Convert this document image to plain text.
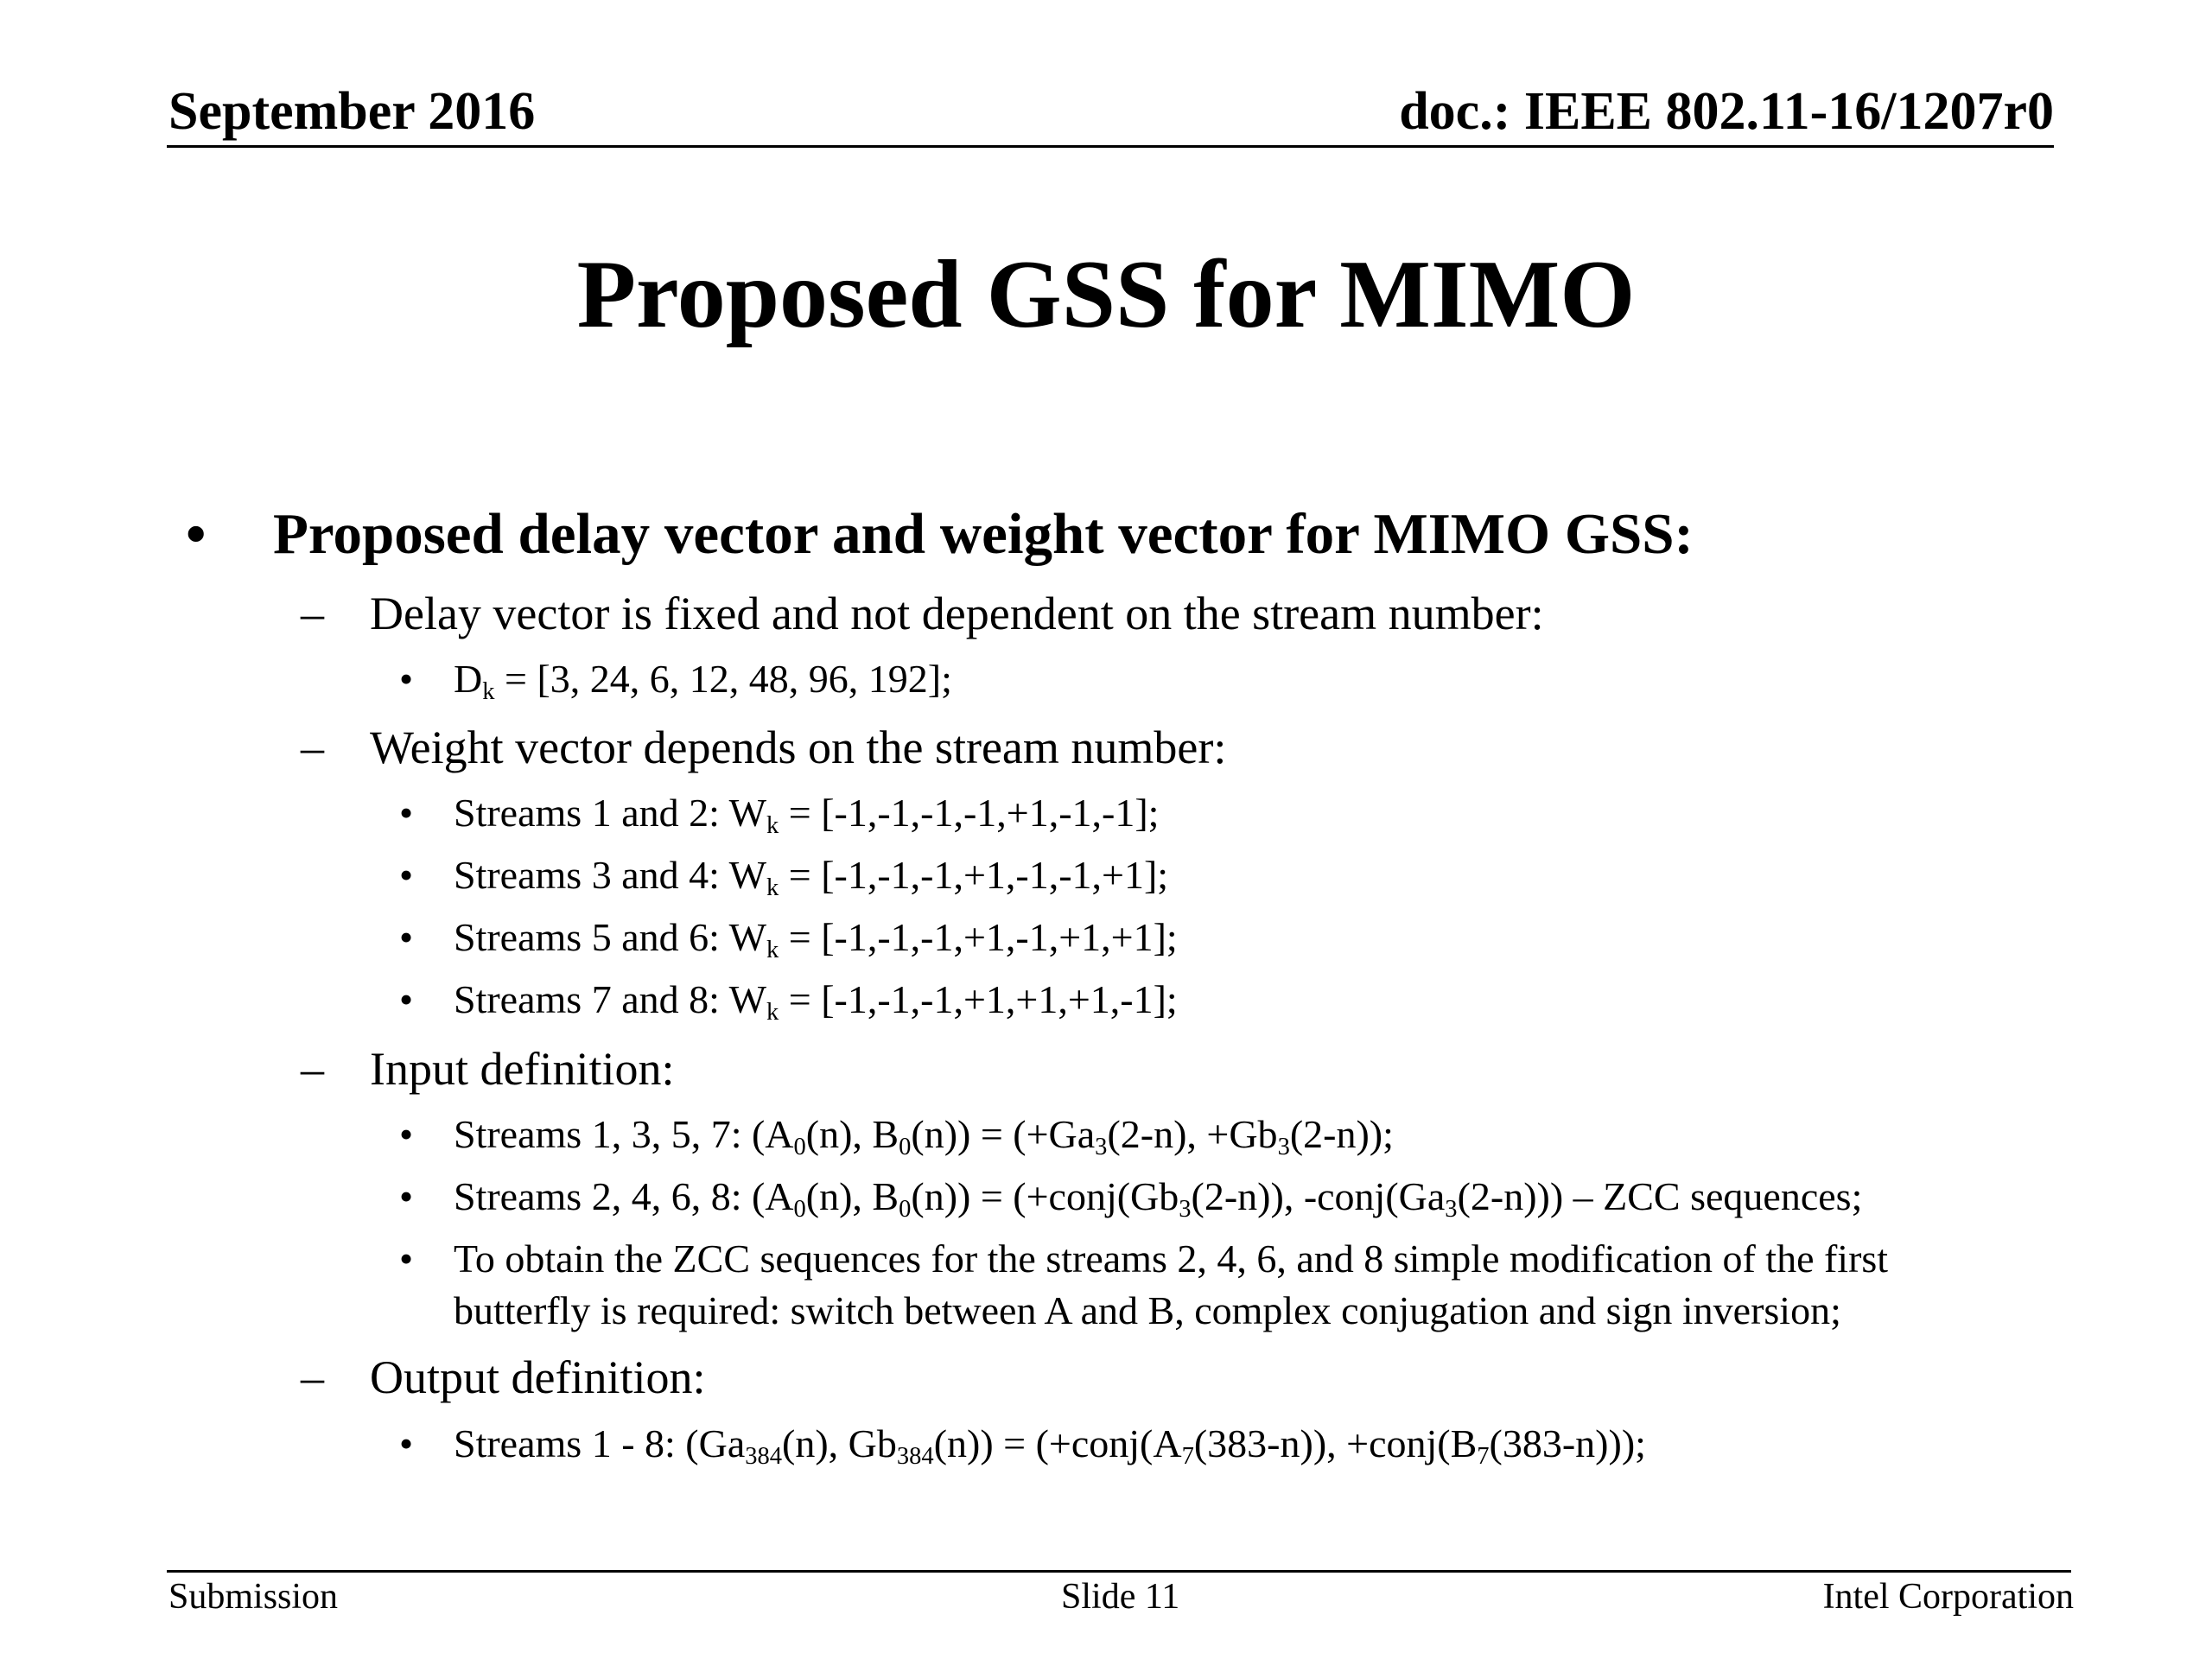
September 2016	doc.: IEEE 802.11-16/1207r0
Proposed GSS for MIMO
• Proposed delay vector and weight vector for MIMO GSS:
– Delay vector is fixed and not dependent on the stream number:
• $D_k = [3$, 24, 6, 12, 48, 96, 192];
– Weight vector depends on the stream number:
• Streams 1 and 2: $W_k = [-1,-1,-1,-1,+1,-1,-1]$;
• Streams 3 and 4: $W_k = [-1,-1,-1,+1,-1,-1,+1]$;
• Streams 5 and 6: $W_k = [-1,-1,-1,+1,-1,+1,+1]$;
• Streams 7 and 8: $W_k = [-1,-1,-1,+1,+1,+1,-1]$;
– Input definition:
• Streams 1, 3, 5, 7: ($A_0(n)$, $B_0(n)) = (+Ga_3(2-n)$, $+Gb_3(2-n)$);
• Streams 2, 4, 6, 8: ($A_0(n)$, $B_0(n)$) = ($+conj(Gb_3(2-n))$, $-conj(Ga_3(2-n))$) – ZCC sequences;
• To obtain the ZCC sequences for the streams 2, 4, 6, and 8 simple modification of the first
butterfly is required: switch between A and B, complex conjugation and sign inversion;
– Output definition:
• Streams 1 - 8: ($Ga_{384}(n)$, $Gb_{384}(n)$) = ($+conj(A_7(383-n))$, $+conj(B_7(383-n))$);
Submission	Slide 11	Intel Corporation
